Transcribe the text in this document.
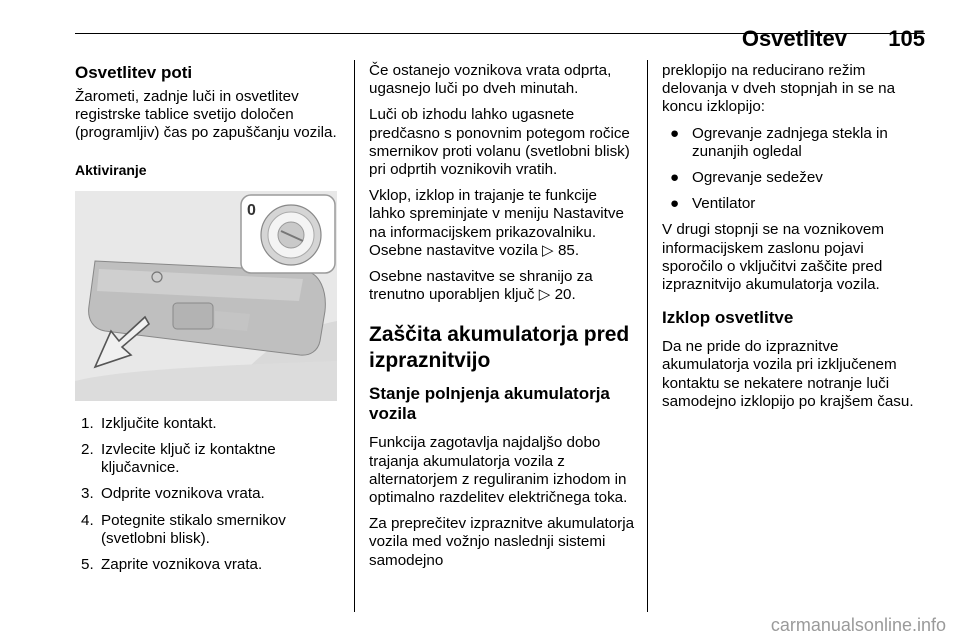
Osvetlitev 105
Osvetlitev poti

Žarometi, zadnje luči in osvetlitev registrske tablice svetijo določen (programljiv) čas po zapuščanju vozila.

Aktiviranje
0
1. Izključite kontakt.
2. Izvlecite ključ iz kontaktne ključavnice.
3. Odprite voznikova vrata.
4. Potegnite stikalo smernikov (svetlobni blisk).
5. Zaprite voznikova vrata.

Če ostanejo voznikova vrata odprta, ugasnejo luči po dveh minutah.

Luči ob izhodu lahko ugasnete predčasno s ponovnim potegom ročice smernikov proti volanu (svetlobni blisk) pri odprtih voznikovih vratih.

Vklop, izklop in trajanje te funkcije lahko spreminjate v meniju Nastavitve na informacijskem prikazovalniku. Osebne nastavitve vozila ▷ 85.

Osebne nastavitve se shranijo za trenutno uporabljen ključ ▷ 20.

Zaščita akumulatorja pred izpraznitvijo
Stanje polnjenja akumulatorja vozila

Funkcija zagotavlja najdaljšo dobo trajanja akumulatorja vozila z alternatorjem z reguliranim izhodom in optimalno razdelitev električnega toka.

Za preprečitev izpraznitve akumulatorja vozila med vožnjo naslednji sistemi samodejno

preklopijo na reducirano režim delovanja v dveh stopnjah in se na koncu izklopijo:

● Ogrevanje zadnjega stekla in zunanjih ogledal
● Ogrevanje sedežev
● Ventilator

V drugi stopnji se na voznikovem informacijskem zaslonu pojavi sporočilo o vključitvi zaščite pred izpraznitvijo akumulatorja vozila.

Izklop osvetlitve

Da ne pride do izpraznitve akumulatorja vozila pri izključenem kontaktu se nekatere notranje luči samodejno izklopijo po krajšem času.

carmanualsonline.info
